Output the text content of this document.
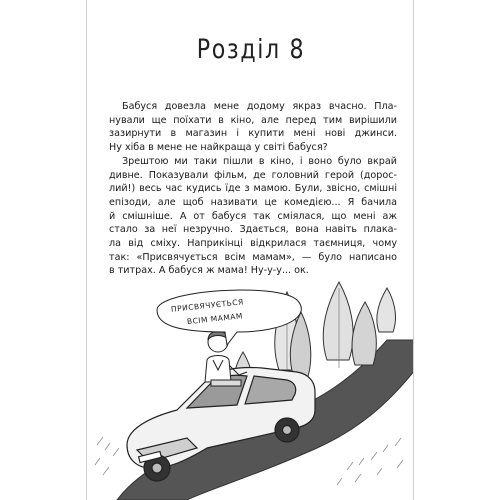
Розділ 8

Бабуся довезла мене додому якраз вчасно. Пла-
нували ще поїхати в кіно, але перед тим вирішили
зазирнути в магазин і купити мені нові джинси.
Ну хіба в мене не найкраща у світі бабуся?

Зрештою ми таки пішли в кіно, і воно було вкрай
дивне. Показували фільм, де головний герой (дорос-
лий!) весь час кудись їде з мамою. Були, звісно, смішні
епізоди, але щоб називати це комедією... Я бачила
й смішніше. А от бабуся так сміялася, що мені аж
стало за неї незручно. Здається, вона навіть плака-
ла від сміху. Наприкінці відкрилася таємниця, чому
так: «Присвячується всім мамам», — було написано
в титрах. А бабуся ж мама! Ну-у-у... ок.

ПРИСВЯЧУЄТЬСЯ
ВСІМ МАМАМ
